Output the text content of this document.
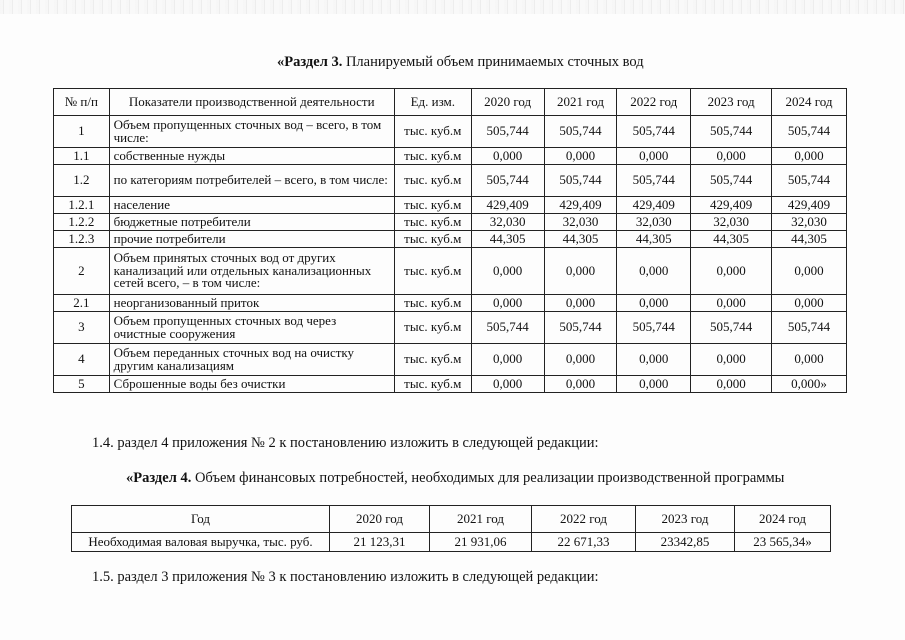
«Раздел 3. Планируемый объем принимаемых сточных вод
№ п/п	Показатели производственной деятельности	Ед. изм.	2020 год	2021 год	2022 год	2023 год	2024 год
1	Объем пропущенных сточных вод – всего, в том числе:	тыс. куб.м	505,744	505,744	505,744	505,744	505,744
1.1	собственные нужды	тыс. куб.м	0,000	0,000	0,000	0,000	0,000
1.2	по категориям потребителей – всего, в том числе:	тыс. куб.м	505,744	505,744	505,744	505,744	505,744
1.2.1	население	тыс. куб.м	429,409	429,409	429,409	429,409	429,409
1.2.2	бюджетные потребители	тыс. куб.м	32,030	32,030	32,030	32,030	32,030
1.2.3	прочие потребители	тыс. куб.м	44,305	44,305	44,305	44,305	44,305
2	Объем принятых сточных вод от других канализаций или отдельных канализационных сетей всего, – в том числе:	тыс. куб.м	0,000	0,000	0,000	0,000	0,000
2.1	неорганизованный приток	тыс. куб.м	0,000	0,000	0,000	0,000	0,000
3	Объем пропущенных сточных вод через очистные сооружения	тыс. куб.м	505,744	505,744	505,744	505,744	505,744
4	Объем переданных сточных вод на очистку другим канализациям	тыс. куб.м	0,000	0,000	0,000	0,000	0,000
5	Сброшенные воды без очистки	тыс. куб.м	0,000	0,000	0,000	0,000	0,000»
1.4. раздел 4 приложения № 2 к постановлению изложить в следующей редакции:
«Раздел 4. Объем финансовых потребностей, необходимых для реализации производственной программы
Год	2020 год	2021 год	2022 год	2023 год	2024 год
Необходимая валовая выручка, тыс. руб.	21 123,31	21 931,06	22 671,33	23342,85	23 565,34»
1.5. раздел 3 приложения № 3 к постановлению изложить в следующей редакции:
